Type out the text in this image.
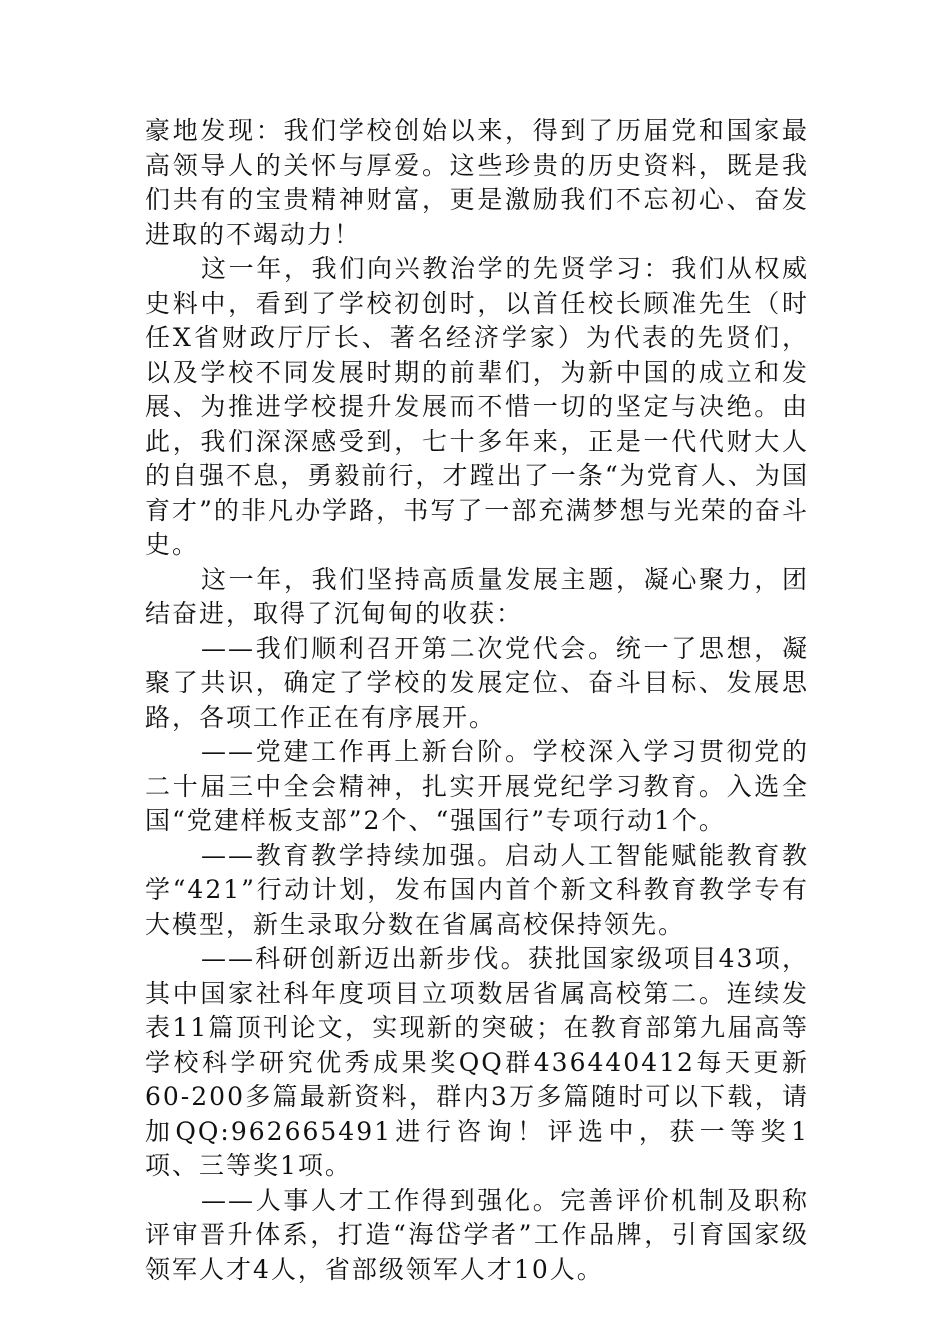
豪地发现：我们学校创始以来，得到了历届党和国家最高领导人的关怀与厚爱。这些珍贵的历史资料，既是我们共有的宝贵精神财富，更是激励我们不忘初心、奋发进取的不竭动力！

这一年，我们向兴教治学的先贤学习：我们从权威史料中，看到了学校初创时，以首任校长顾准先生（时任X省财政厅厅长、著名经济学家）为代表的先贤们，以及学校不同发展时期的前辈们，为新中国的成立和发展、为推进学校提升发展而不惜一切的坚定与决绝。由此，我们深深感受到，七十多年来，正是一代代财大人的自强不息，勇毅前行，才蹚出了一条“为党育人、为国育才”的非凡办学路，书写了一部充满梦想与光荣的奋斗史。

这一年，我们坚持高质量发展主题，凝心聚力，团结奋进，取得了沉甸甸的收获：

——我们顺利召开第二次党代会。统一了思想，凝聚了共识，确定了学校的发展定位、奋斗目标、发展思路，各项工作正在有序展开。

——党建工作再上新台阶。学校深入学习贯彻党的二十届三中全会精神，扎实开展党纪学习教育。入选全国“党建样板支部”2个、“强国行”专项行动1个。

——教育教学持续加强。启动人工智能赋能教育教学“421”行动计划，发布国内首个新文科教育教学专有大模型，新生录取分数在省属高校保持领先。

——科研创新迈出新步伐。获批国家级项目43项，其中国家社科年度项目立项数居省属高校第二。连续发表11篇顶刊论文，实现新的突破；在教育部第九届高等学校科学研究优秀成果奖QQ群436440412每天更新60-200多篇最新资料，群内3万多篇随时可以下载，请加QQ:962665491进行咨询！评选中，获一等奖1项、三等奖1项。

——人事人才工作得到强化。完善评价机制及职称评审晋升体系，打造“海岱学者”工作品牌，引育国家级领军人才4人，省部级领军人才10人。
